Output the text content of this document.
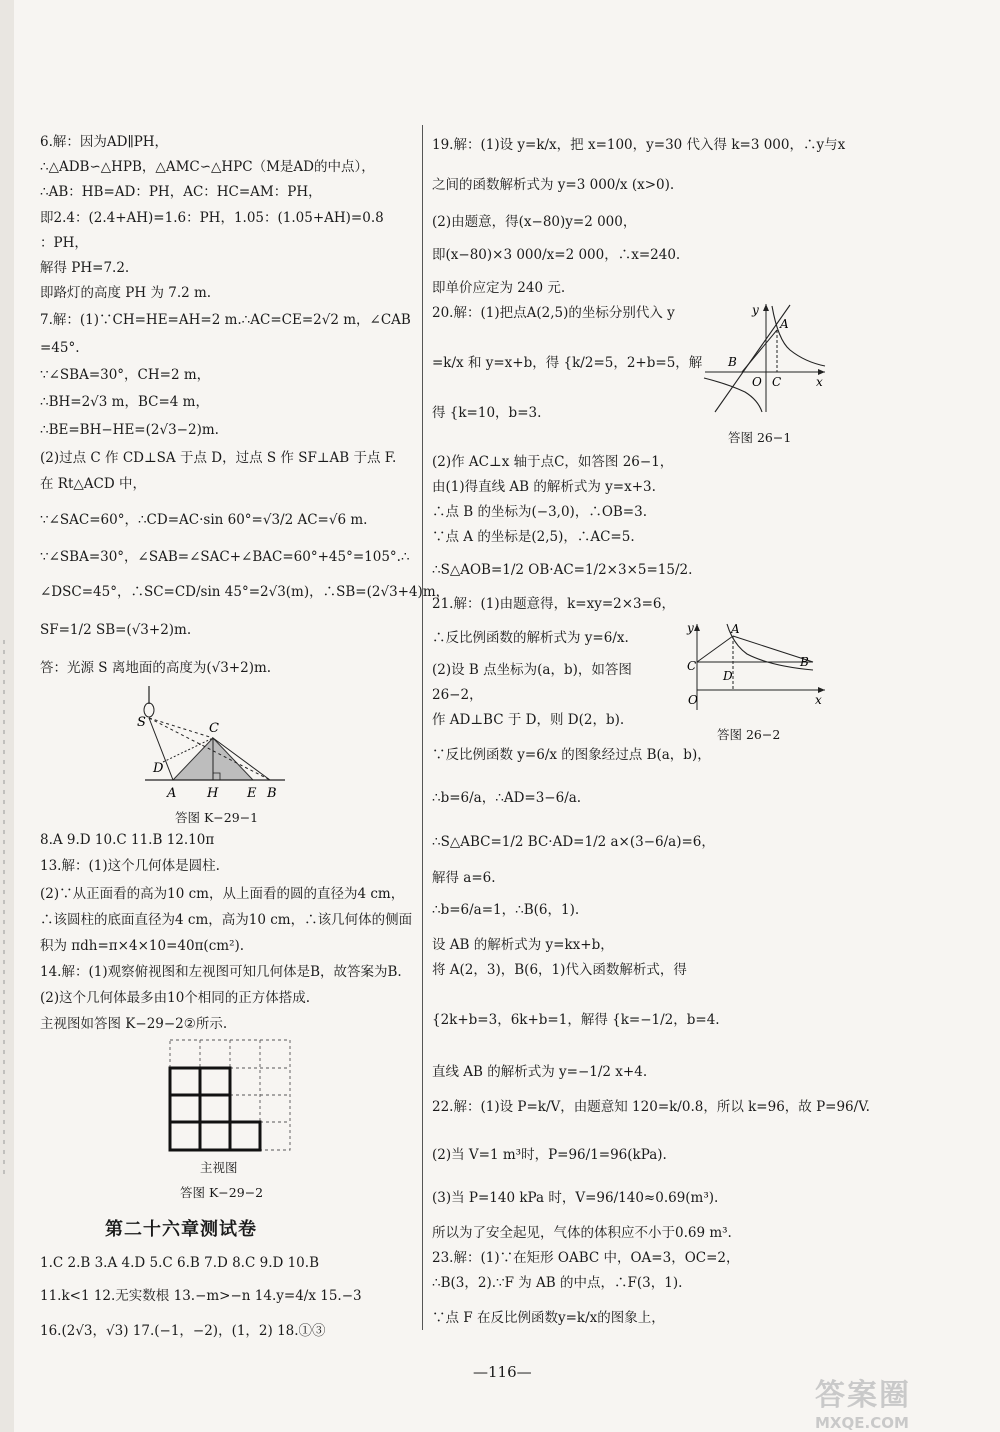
6.解：因为AD∥PH，

∴△ADB∽△HPB，△AMC∽△HPC（M是AD的中点），

∴AB：HB=AD：PH，AC：HC=AM：PH，

即2.4：(2.4+AH)=1.6：PH，1.05：(1.05+AH)=0.8

：PH，

解得 PH=7.2.

即路灯的高度 PH 为 7.2 m.

7.解：(1)∵CH=HE=AH=2 m.∴AC=CE=2√2 m，∠CAB

=45°.

∵∠SBA=30°，CH=2 m，

∴BH=2√3 m，BC=4 m，

∴BE=BH−HE=(2√3−2)m.

(2)过点 C 作 CD⊥SA 于点 D，过点 S 作 SF⊥AB 于点 F.

在 Rt△ACD 中，

∵∠SAC=60°，∴CD=AC·sin 60°=√3/2 AC=√6 m.

∵∠SBA=30°，∠SAB=∠SAC+∠BAC=60°+45°=105°.∴

∠DSC=45°，∴SC=CD/sin 45°=2√3(m)，∴SB=(2√3+4)m，

SF=1/2 SB=(√3+2)m.

答：光源 S 离地面的高度为(√3+2)m.

8.A 9.D 10.C 11.B 12.10π

13.解：(1)这个几何体是圆柱.

(2)∵从正面看的高为10 cm，从上面看的圆的直径为4 cm，

∴该圆柱的底面直径为4 cm，高为10 cm，∴该几何体的侧面

积为 πdh=π×4×10=40π(cm²).

14.解：(1)观察俯视图和左视图可知几何体是B，故答案为B.

(2)这个几何体最多由10个相同的正方体搭成.

主视图如答图 K−29−2②所示.

S	C
D
A H E B
答图 K−29−1
主视图
答图 K−29−2
第二十六章测试卷

1.C 2.B 3.A 4.D 5.C 6.B 7.D 8.C 9.D 10.B

11.k<1 12.无实数根 13.−m>−n 14.y=4/x 15.−3

16.(2√3，√3) 17.(−1，−2)，(1，2) 18.①③

19.解：(1)设 y=k/x，把 x=100，y=30 代入得 k=3 000，∴y与x

之间的函数解析式为 y=3 000/x (x>0).

(2)由题意，得(x−80)y=2 000，

即(x−80)×3 000/x=2 000，∴x=240.

即单价应定为 240 元.

20.解：(1)把点A(2,5)的坐标分别代入 y

=k/x 和 y=x+b，得 {k/2=5，2+b=5，解

得 {k=10，b=3.

(2)作 AC⊥x 轴于点C，如答图 26−1，

由(1)得直线 AB 的解析式为 y=x+3.

∴点 B 的坐标为(−3,0)，∴OB=3.

∵点 A 的坐标是(2,5)，∴AC=5.

∴S△AOB=1/2 OB·AC=1/2×3×5=15/2.

21.解：(1)由题意得，k=xy=2×3=6，

∴反比例函数的解析式为 y=6/x.

(2)设 B 点坐标为(a，b)，如答图

26−2，

作 AD⊥BC 于 D，则 D(2，b).

∵反比例函数 y=6/x 的图象经过点 B(a，b)，

∴b=6/a，∴AD=3−6/a.

∴S△ABC=1/2 BC·AD=1/2 a×(3−6/a)=6，

解得 a=6.

∴b=6/a=1，∴B(6，1).

设 AB 的解析式为 y=kx+b，

将 A(2，3)，B(6，1)代入函数解析式，得

{2k+b=3，6k+b=1，解得 {k=−1/2，b=4.

直线 AB 的解析式为 y=−1/2 x+4.

22.解：(1)设 P=k/V，由题意知 120=k/0.8，所以 k=96，故 P=96/V.

(2)当 V=1 m³时，P=96/1=96(kPa).

(3)当 P=140 kPa 时，V=96/140≈0.69(m³).

所以为了安全起见，气体的体积应不小于0.69 m³.

23.解：(1)∵在矩形 OABC 中，OA=3，OC=2，

∴B(3，2).∵F 为 AB 的中点，∴F(3，1).

∵点 F 在反比例函数y=k/x的图象上，

y
A
B
O C	x
答图 26−1
y	A
B
C
D
O	x
答图 26−2
—116—
答案圈
MXQE.COM
